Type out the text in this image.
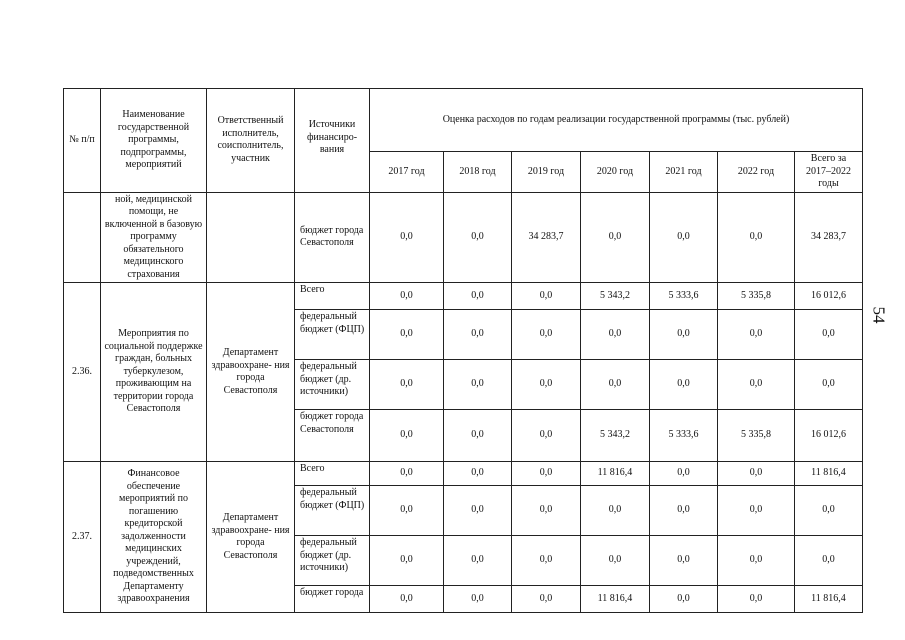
54
№ п/п	Наименование государственной программы, подпрограммы, мероприятий	Ответственный исполнитель, соисполнитель, участник	Источники финансиро- вания	Оценка расходов по годам реализации государственной программы (тыс. рублей)						
				2017 год	2018 год	2019 год	2020 год	2021 год	2022 год	Всего за 2017–2022 годы
	ной, медицинской помощи, не включенной в базовую программу обязательного медицинского страхования		бюджет города Севастополя	0,0	0,0	34 283,7	0,0	0,0	0,0	34 283,7
2.36.	Мероприятия по социальной поддержке граждан, больных туберкулезом, проживающим на территории города Севастополя	Департамент здравоохране- ния города Севастополя	Всего	0,0	0,0	0,0	5 343,2	5 333,6	5 335,8	16 012,6
			федеральный бюджет (ФЦП)	0,0	0,0	0,0	0,0	0,0	0,0	0,0
			федеральный бюджет (др. источники)	0,0	0,0	0,0	0,0	0,0	0,0	0,0
			бюджет города Севастополя	0,0	0,0	0,0	5 343,2	5 333,6	5 335,8	16 012,6
2.37.	Финансовое обеспечение мероприятий по погашению кредиторской задолженности медицинских учреждений, подведомственных Департаменту здравоохранения	Департамент здравоохране- ния города Севастополя	Всего	0,0	0,0	0,0	11 816,4	0,0	0,0	11 816,4
			федеральный бюджет (ФЦП)	0,0	0,0	0,0	0,0	0,0	0,0	0,0
			федеральный бюджет (др. источники)	0,0	0,0	0,0	0,0	0,0	0,0	0,0
			бюджет города	0,0	0,0	0,0	11 816,4	0,0	0,0	11 816,4
